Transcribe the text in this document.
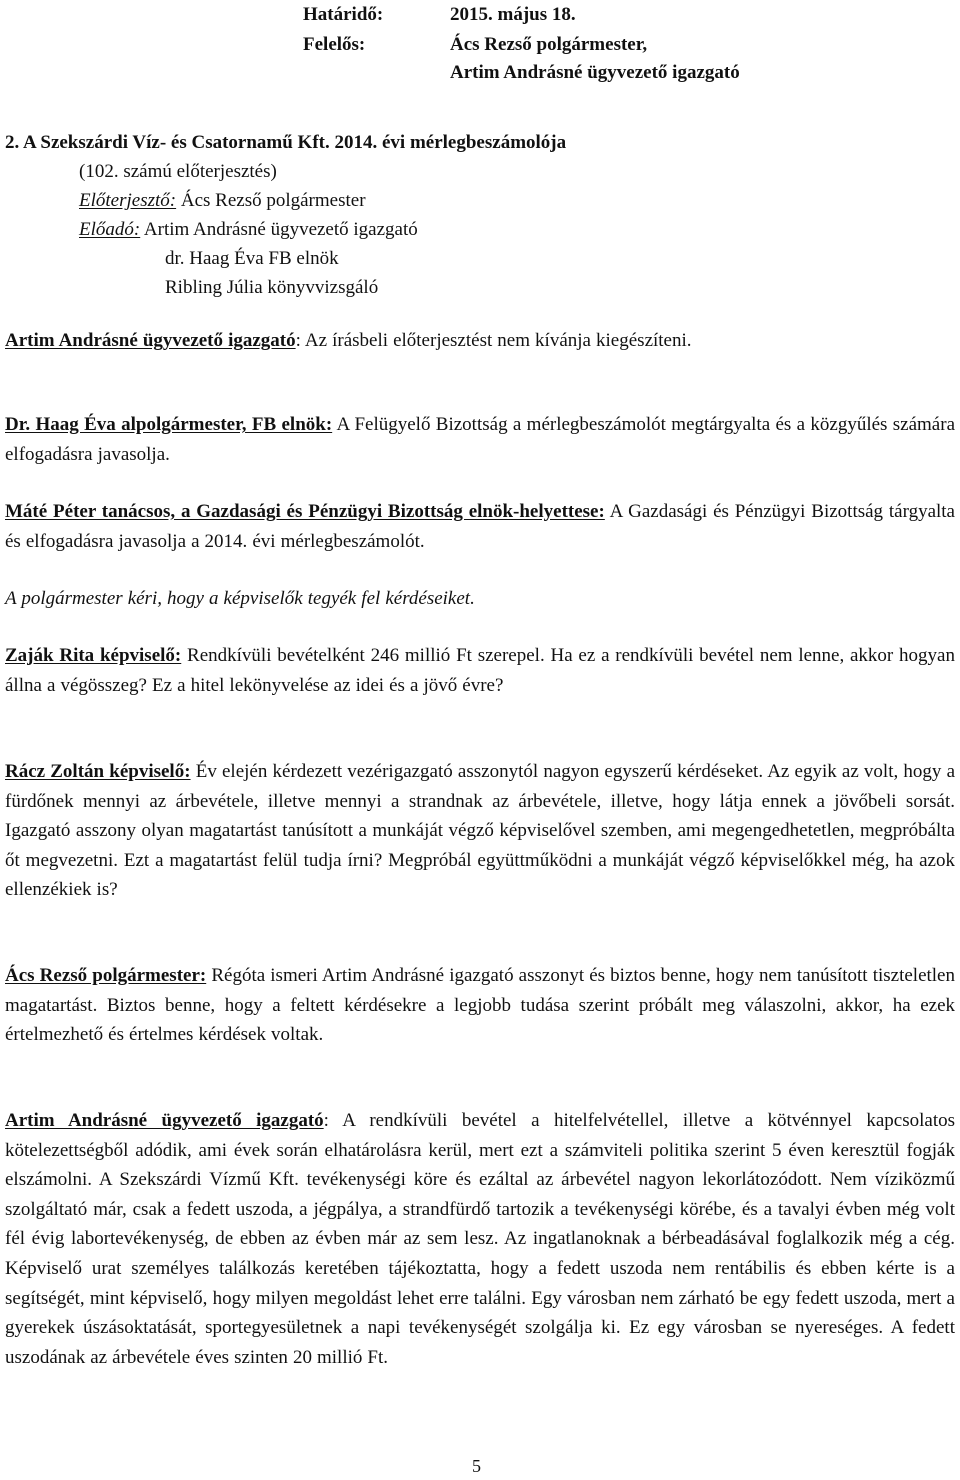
Határidő:	2015. május 18.
Felelős:	Ács Rezső polgármester,
Artim Andrásné ügyvezető igazgató
2. A Szekszárdi Víz- és Csatornamű Kft. 2014. évi mérlegbeszámolója
(102. számú előterjesztés)
Előterjesztő: Ács Rezső polgármester
Előadó: Artim Andrásné ügyvezető igazgató
dr. Haag Éva FB elnök
Ribling Júlia könyvvizsgáló

Artim Andrásné ügyvezető igazgató: Az írásbeli előterjesztést nem kívánja kiegészíteni.

Dr. Haag Éva alpolgármester, FB elnök: A Felügyelő Bizottság a mérlegbeszámolót megtárgyalta és a közgyűlés számára elfogadásra javasolja.

Máté Péter tanácsos, a Gazdasági és Pénzügyi Bizottság elnök-helyettese: A Gazdasági és Pénzügyi Bizottság tárgyalta és elfogadásra javasolja a 2014. évi mérlegbeszámolót.

A polgármester kéri, hogy a képviselők tegyék fel kérdéseiket.

Zaják Rita képviselő: Rendkívüli bevételként 246 millió Ft szerepel. Ha ez a rendkívüli bevétel nem lenne, akkor hogyan állna a végösszeg? Ez a hitel lekönyvelése az idei és a jövő évre?

Rácz Zoltán képviselő: Év elején kérdezett vezérigazgató asszonytól nagyon egyszerű kérdéseket. Az egyik az volt, hogy a fürdőnek mennyi az árbevétele, illetve mennyi a strandnak az árbevétele, illetve, hogy látja ennek a jövőbeli sorsát. Igazgató asszony olyan magatartást tanúsított a munkáját végző képviselővel szemben, ami megengedhetetlen, megpróbálta őt megvezetni. Ezt a magatartást felül tudja írni? Megpróbál együttműködni a munkáját végző képviselőkkel még, ha azok ellenzékiek is?

Ács Rezső polgármester: Régóta ismeri Artim Andrásné igazgató asszonyt és biztos benne, hogy nem tanúsított tiszteletlen magatartást. Biztos benne, hogy a feltett kérdésekre a legjobb tudása szerint próbált meg válaszolni, akkor, ha ezek értelmezhető és értelmes kérdések voltak.

Artim Andrásné ügyvezető igazgató: A rendkívüli bevétel a hitelfelvétellel, illetve a kötvénnyel kapcsolatos kötelezettségből adódik, ami évek során elhatárolásra kerül, mert ezt a számviteli politika szerint 5 éven keresztül fogják elszámolni. A Szekszárdi Vízmű Kft. tevékenységi köre és ezáltal az árbevétel nagyon lekorlátozódott. Nem víziközmű szolgáltató már, csak a fedett uszoda, a jégpálya, a strandfürdő tartozik a tevékenységi körébe, és a tavalyi évben még volt fél évig labortevékenység, de ebben az évben már az sem lesz. Az ingatlanoknak a bérbeadásával foglalkozik még a cég. Képviselő urat személyes találkozás keretében tájékoztatta, hogy a fedett uszoda nem rentábilis és ebben kérte is a segítségét, mint képviselő, hogy milyen megoldást lehet erre találni. Egy városban nem zárható be egy fedett uszoda, mert a gyerekek úszásoktatását, sportegyesületnek a napi tevékenységét szolgálja ki. Ez egy városban se nyereséges. A fedett uszodának az árbevétele éves szinten 20 millió Ft.

5
